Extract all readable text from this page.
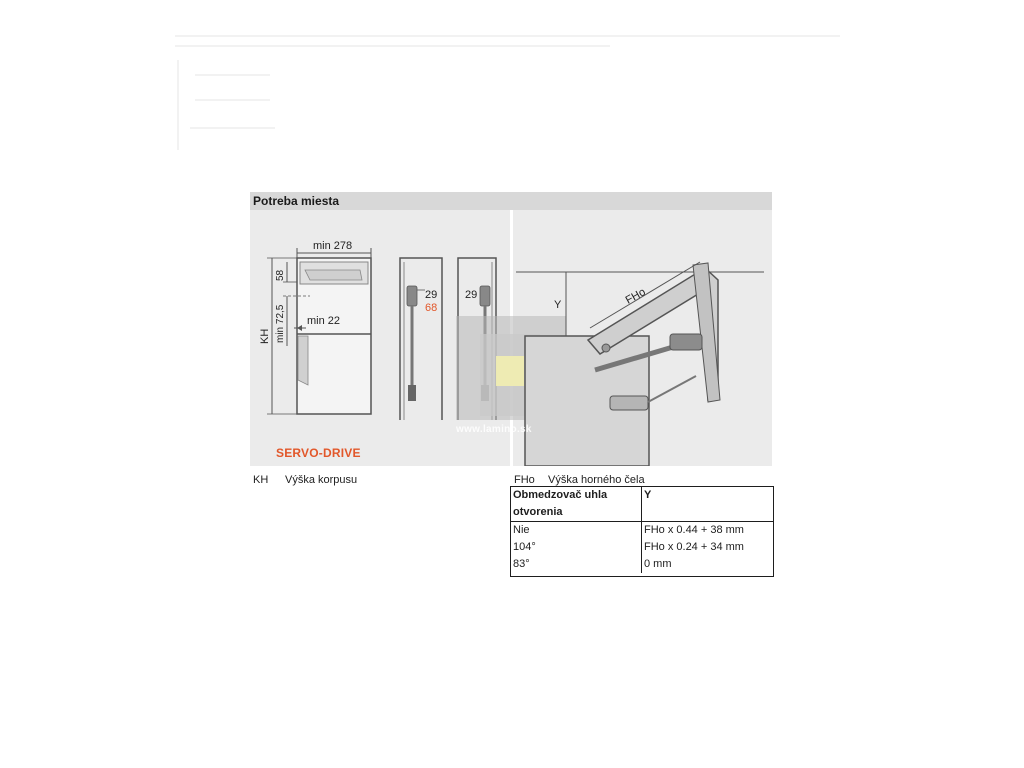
Potreba miesta
min 278
58
min 72,5
KH
min 22
29
68
29
Y	FHo
SERVO-DRIVE
www.lamino.sk
KH Výška korpusu	FHo Výška horného čela
Obmedzovač uhla otvorenia	Y
Nie	FHo x 0.44 + 38 mm
104°	FHo x 0.24 + 34 mm
83°	0 mm
